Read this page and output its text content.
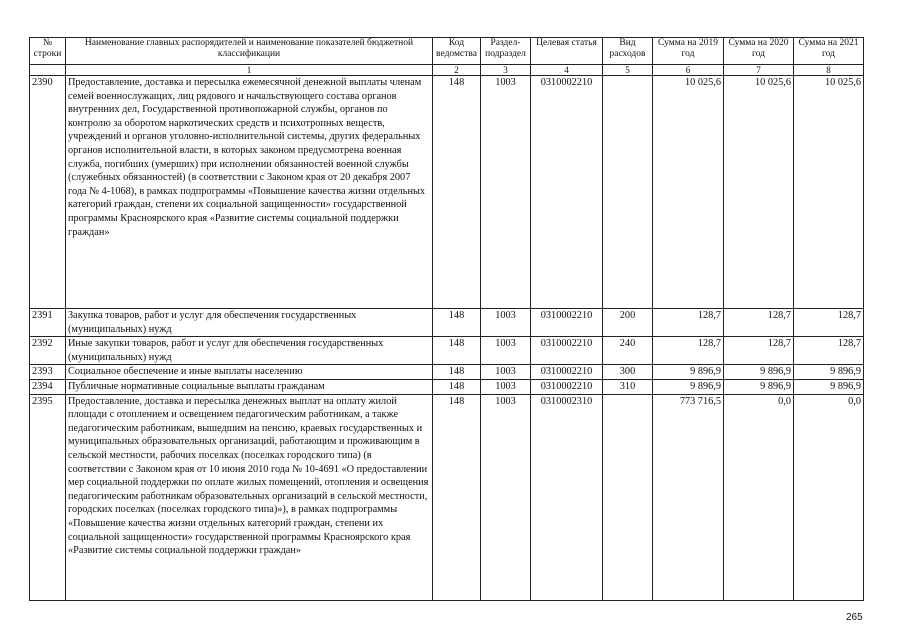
№ строки	Наименование главных распорядителей и наименование показателей бюджетной классификации	Код ведомства	Раздел-подраздел	Целевая статья	Вид расходов	Сумма на 2019 год	Сумма на 2020 год	Сумма на 2021 год
	1	2	3	4	5	6	7	8
2390	Предоставление, доставка и пересылка ежемесячной денежной выплаты членам семей военнослужащих, лиц рядового и начальствующего состава органов внутренних дел, Государственной противопожарной службы, органов по контролю за оборотом наркотических средств и психотропных веществ, учреждений и органов уголовно-исполнительной системы, других федеральных органов исполнительной власти, в которых законом предусмотрена военная служба, погибших (умерших) при исполнении обязанностей военной службы (служебных обязанностей) (в соответствии с Законом края от 20 декабря 2007 года № 4-1068), в рамках подпрограммы «Повышение качества жизни отдельных категорий граждан, степени их социальной защищенности» государственной программы Красноярского края «Развитие системы социальной поддержки граждан»	148	1003	0310002210		10 025,6	10 025,6	10 025,6
2391	Закупка товаров, работ и услуг для обеспечения государственных (муниципальных) нужд	148	1003	0310002210	200	128,7	128,7	128,7
2392	Иные закупки товаров, работ и услуг для обеспечения государственных (муниципальных) нужд	148	1003	0310002210	240	128,7	128,7	128,7
2393	Социальное обеспечение и иные выплаты населению	148	1003	0310002210	300	9 896,9	9 896,9	9 896,9
2394	Публичные нормативные социальные выплаты гражданам	148	1003	0310002210	310	9 896,9	9 896,9	9 896,9
2395	Предоставление, доставка и пересылка денежных выплат на оплату жилой площади с отоплением и освещением педагогическим работникам, а также педагогическим работникам, вышедшим на пенсию, краевых государственных и муниципальных образовательных организаций, работающим и проживающим в сельской местности, рабочих поселках (поселках городского типа) (в соответствии с Законом края от 10 июня 2010 года № 10-4691 «О предоставлении мер социальной поддержки по оплате жилых помещений, отопления и освещения педагогическим работникам образовательных организаций в сельской местности, городских поселках (поселках городского типа)»), в рамках подпрограммы «Повышение качества жизни отдельных категорий граждан, степени их социальной защищенности» государственной программы Красноярского края «Развитие системы социальной поддержки граждан»	148	1003	0310002310		773 716,5	0,0	0,0
265
